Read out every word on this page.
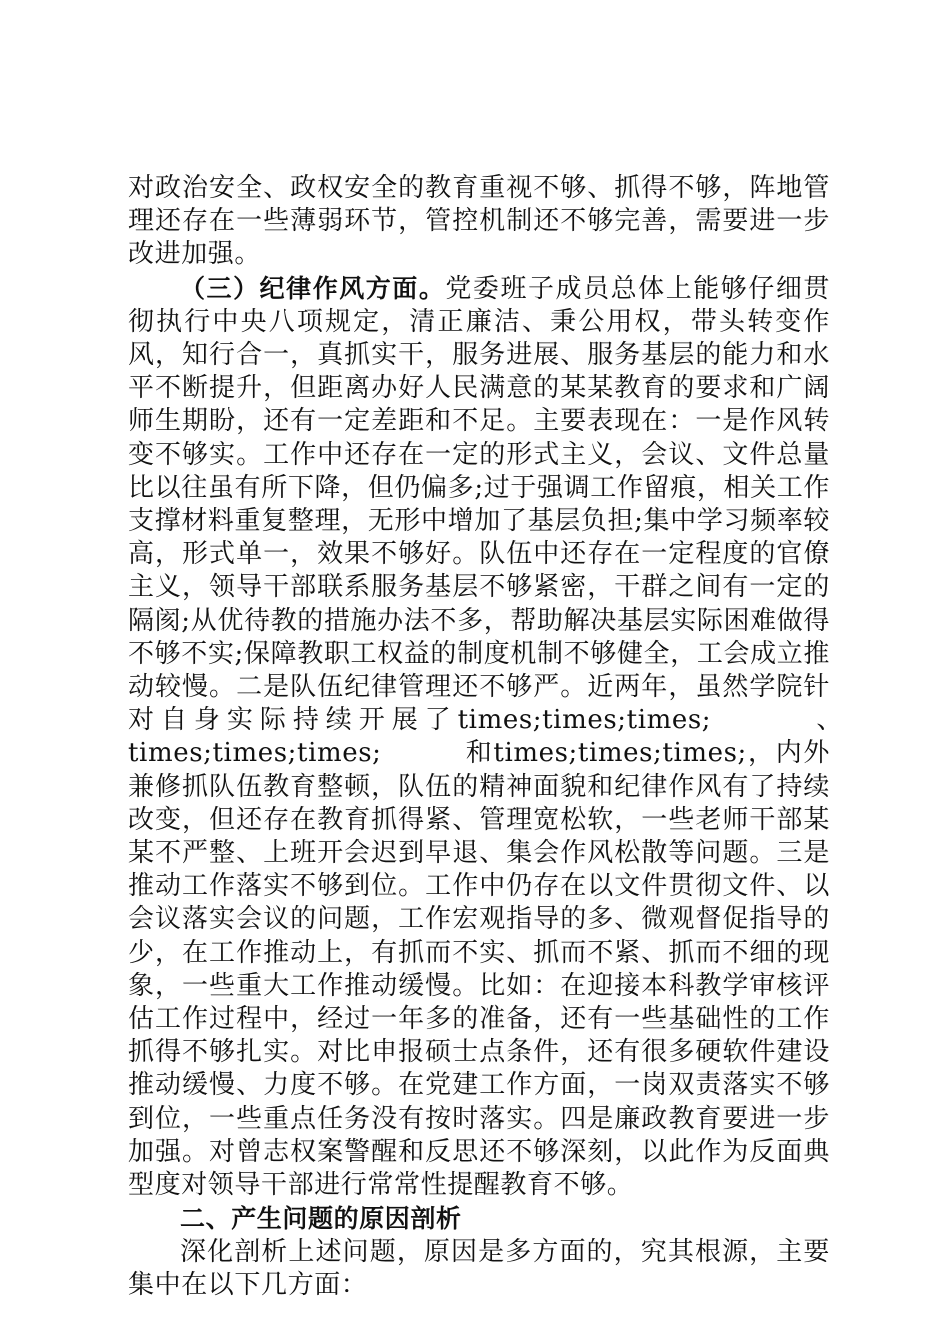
对政治安全、政权安全的教育重视不够、抓得不够，阵地管理还存在一些薄弱环节，管控机制还不够完善，需要进一步改进加强。

（三）纪律作风方面。党委班子成员总体上能够仔细贯彻执行中央八项规定，清正廉洁、秉公用权，带头转变作风，知行合一，真抓实干，服务进展、服务基层的能力和水平不断提升，但距离办好人民满意的某某教育的要求和广阔师生期盼，还有一定差距和不足。主要表现在：一是作风转变不够实。工作中还存在一定的形式主义，会议、文件总量比以往虽有所下降，但仍偏多;过于强调工作留痕，相关工作支撑材料重复整理，无形中增加了基层负担;集中学习频率较高，形式单一，效果不够好。队伍中还存在一定程度的官僚主义，领导干部联系服务基层不够紧密，干群之间有一定的隔阂;从优待教的措施办法不多，帮助解决基层实际困难做得不够不实;保障教职工权益的制度机制不够健全，工会成立推动较慢。二是队伍纪律管理还不够严。近两年，虽然学院针对自身实际持续开展了times;times;times;　　　、　　　times;times;times;　　　和times;times;times;，内外兼修抓队伍教育整顿，队伍的精神面貌和纪律作风有了持续改变，但还存在教育抓得紧、管理宽松软，一些老师干部某某不严整、上班开会迟到早退、集会作风松散等问题。三是推动工作落实不够到位。工作中仍存在以文件贯彻文件、以会议落实会议的问题，工作宏观指导的多、微观督促指导的少，在工作推动上，有抓而不实、抓而不紧、抓而不细的现象，一些重大工作推动缓慢。比如：在迎接本科教学审核评估工作过程中，经过一年多的准备，还有一些基础性的工作抓得不够扎实。对比申报硕士点条件，还有很多硬软件建设推动缓慢、力度不够。在党建工作方面，一岗双责落实不够到位，一些重点任务没有按时落实。四是廉政教育要进一步加强。对曾志权案警醒和反思还不够深刻，以此作为反面典型度对领导干部进行常常性提醒教育不够。

二、产生问题的原因剖析

深化剖析上述问题，原因是多方面的，究其根源，主要集中在以下几方面：
